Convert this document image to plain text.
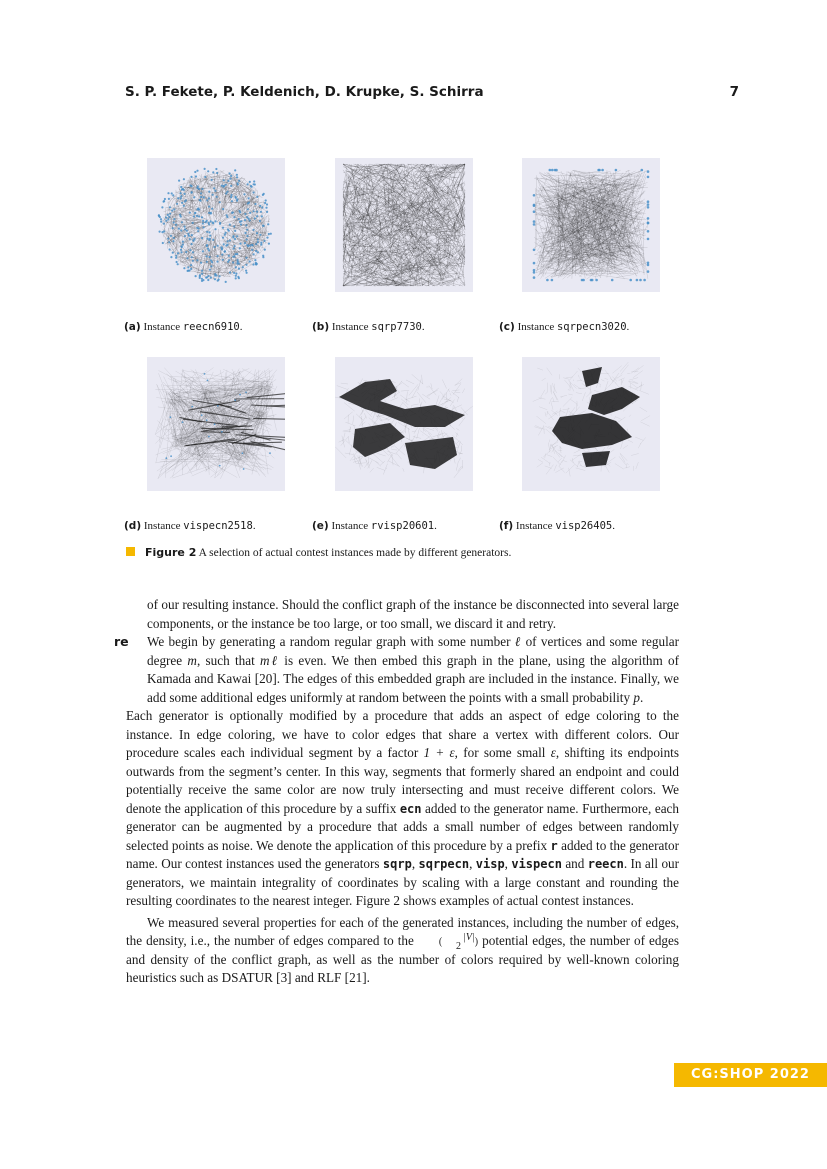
S. P. Fekete, P. Keldenich, D. Krupke, S. Schirra	7
(a) Instance reecn6910.	(b) Instance sqrp7730.	(c) Instance sqrpecn3020.
(d) Instance vispecn2518.	(e) Instance rvisp20601.	(f) Instance visp26405.
Figure 2 A selection of actual contest instances made by different generators.

of our resulting instance. Should the conflict graph of the instance be disconnected into several large components, or the instance be too large, or too small, we discard it and retry.

re We begin by generating a random regular graph with some number ℓ of vertices and some regular degree m, such that mℓ is even. We then embed this graph in the plane, using the algorithm of Kamada and Kawai [20]. The edges of this embedded graph are included in the instance. Finally, we add some additional edges uniformly at random between the points with a small probability p.

Each generator is optionally modified by a procedure that adds an aspect of edge coloring to the instance. In edge coloring, we have to color edges that share a vertex with different colors. Our procedure scales each individual segment by a factor 1 + ε, for some small ε, shifting its endpoints outwards from the segment’s center. In this way, segments that formerly shared an endpoint and could potentially receive the same color are now truly intersecting and must receive different colors. We denote the application of this procedure by a suffix ecn added to the generator name. Furthermore, each generator can be augmented by a procedure that adds a small number of edges between randomly selected points as noise. We denote the application of this procedure by a prefix r added to the generator name. Our contest instances used the generators sqrp, sqrpecn, visp, vispecn and reecn. In all our generators, we maintain integrality of coordinates by scaling with a large constant and rounding the resulting coordinates to the nearest integer. Figure 2 shows examples of actual contest instances.

We measured several properties for each of the generated instances, including the number of edges, the density, i.e., the number of edges compared to the ( |V|
2 ) potential edges, the number of edges and density of the conflict graph, as well as the number of colors required by well-known coloring heuristics such as DSATUR [3] and RLF [21].

CG:SHOP 2022
